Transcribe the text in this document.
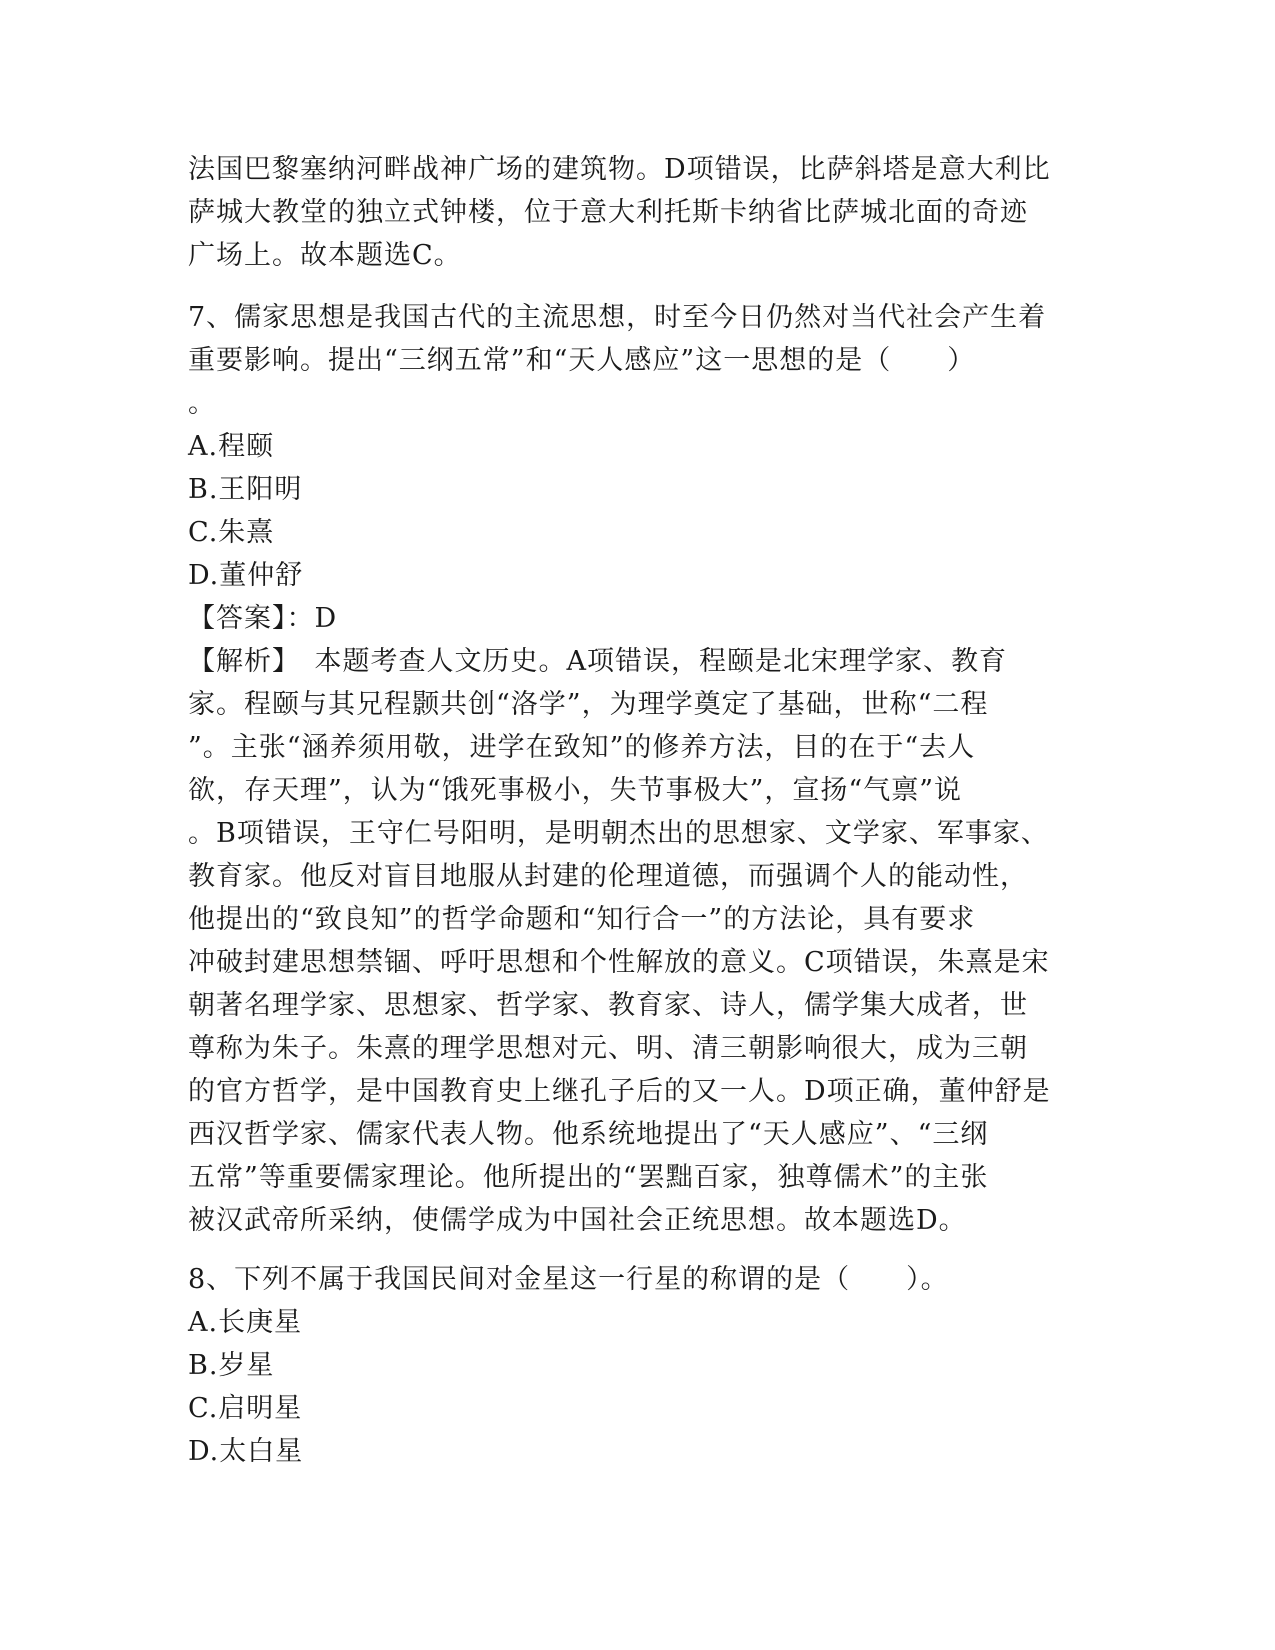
法国巴黎塞纳河畔战神广场的建筑物。D项错误，比萨斜塔是意大利比
萨城大教堂的独立式钟楼，位于意大利托斯卡纳省比萨城北面的奇迹
广场上。故本题选C。
7、儒家思想是我国古代的主流思想，时至今日仍然对当代社会产生着
重要影响。提出“三纲五常”和“天人感应”这一思想的是（　　）
。
A.程颐
B.王阳明
C.朱熹
D.董仲舒
【答案】：D
【解析】　本题考查人文历史。A项错误，程颐是北宋理学家、教育
家。程颐与其兄程颢共创“洛学”，为理学奠定了基础，世称“二程
”。主张“涵养须用敬，进学在致知”的修养方法，目的在于“去人
欲，存天理”，认为“饿死事极小，失节事极大”，宣扬“气禀”说
。B项错误，王守仁号阳明，是明朝杰出的思想家、文学家、军事家、
教育家。他反对盲目地服从封建的伦理道德，而强调个人的能动性，
他提出的“致良知”的哲学命题和“知行合一”的方法论，具有要求
冲破封建思想禁锢、呼吁思想和个性解放的意义。C项错误，朱熹是宋
朝著名理学家、思想家、哲学家、教育家、诗人，儒学集大成者，世
尊称为朱子。朱熹的理学思想对元、明、清三朝影响很大，成为三朝
的官方哲学，是中国教育史上继孔子后的又一人。D项正确，董仲舒是
西汉哲学家、儒家代表人物。他系统地提出了“天人感应”、“三纲
五常”等重要儒家理论。他所提出的“罢黜百家，独尊儒术”的主张
被汉武帝所采纳，使儒学成为中国社会正统思想。故本题选D。
8、下列不属于我国民间对金星这一行星的称谓的是（　　）。
A.长庚星
B.岁星
C.启明星
D.太白星
